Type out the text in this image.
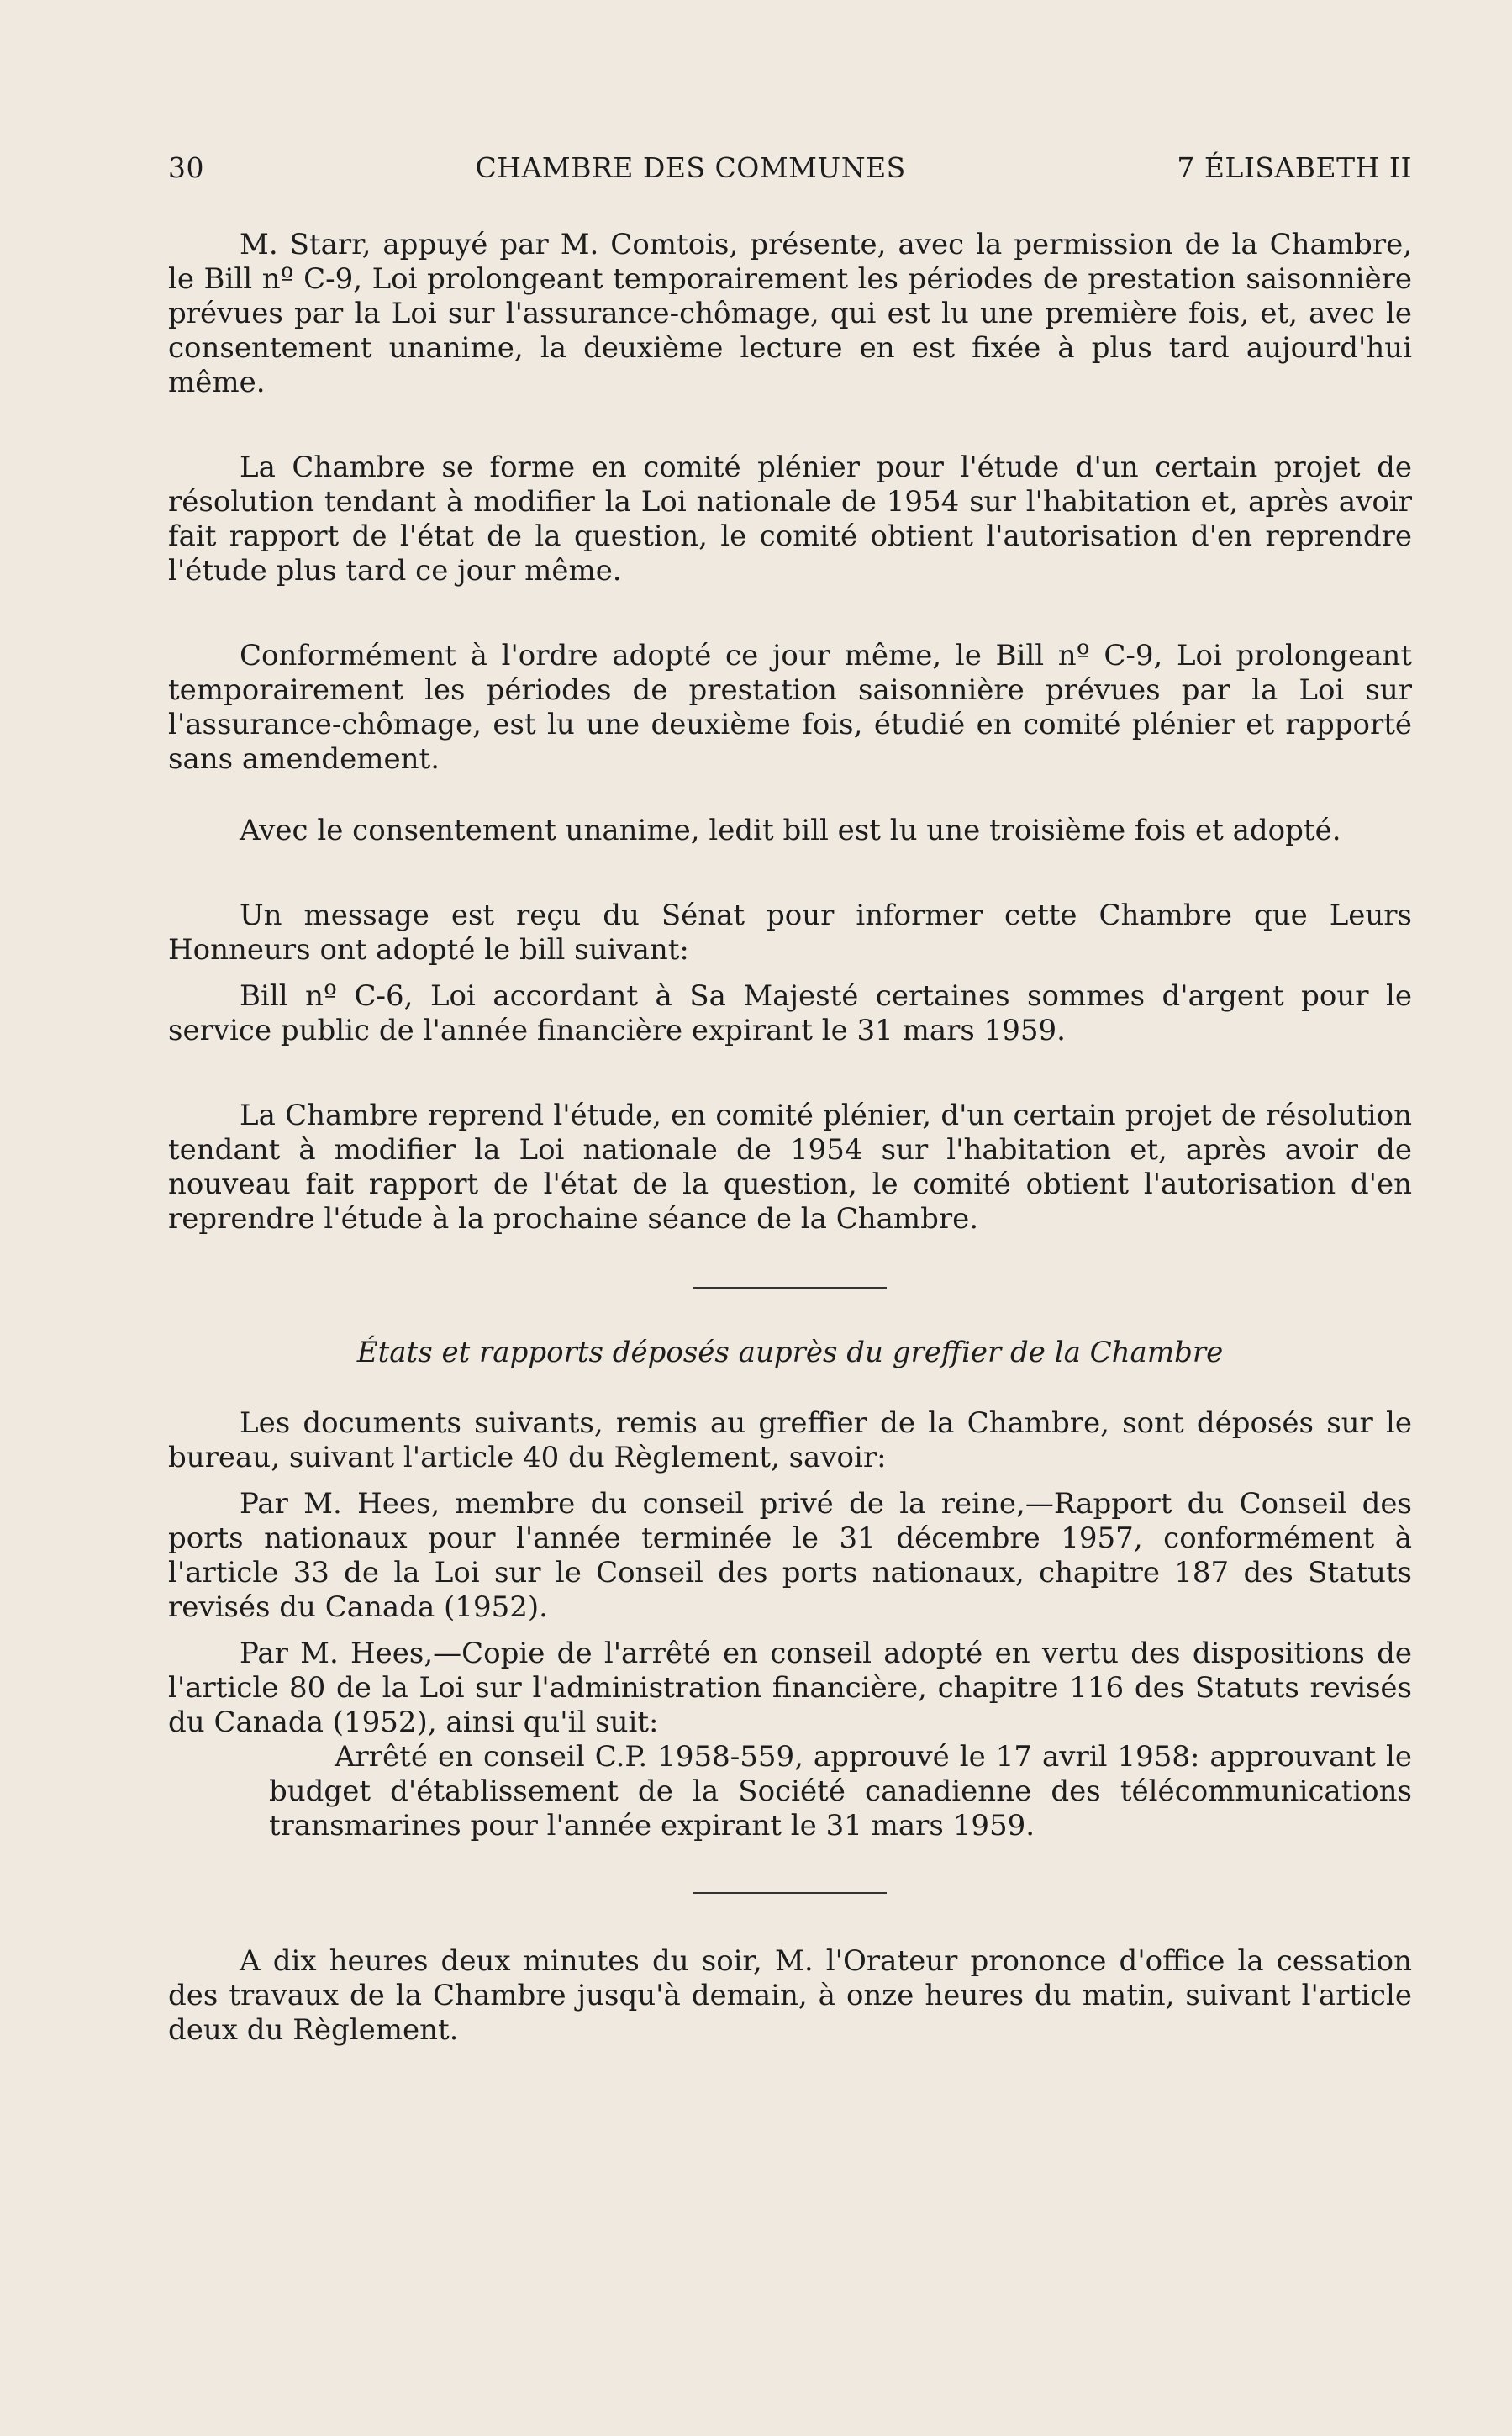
30	CHAMBRE DES COMMUNES	7 ÉLISABETH II

M. Starr, appuyé par M. Comtois, présente, avec la permission de la Chambre, le Bill nº C-9, Loi prolongeant temporairement les périodes de prestation saisonnière prévues par la Loi sur l'assurance-chômage, qui est lu une première fois, et, avec le consentement unanime, la deuxième lecture en est fixée à plus tard aujourd'hui même.

La Chambre se forme en comité plénier pour l'étude d'un certain projet de résolution tendant à modifier la Loi nationale de 1954 sur l'habitation et, après avoir fait rapport de l'état de la question, le comité obtient l'autorisation d'en reprendre l'étude plus tard ce jour même.

Conformément à l'ordre adopté ce jour même, le Bill nº C-9, Loi prolongeant temporairement les périodes de prestation saisonnière prévues par la Loi sur l'assurance-chômage, est lu une deuxième fois, étudié en comité plénier et rapporté sans amendement.

Avec le consentement unanime, ledit bill est lu une troisième fois et adopté.

Un message est reçu du Sénat pour informer cette Chambre que Leurs Honneurs ont adopté le bill suivant:

Bill nº C-6, Loi accordant à Sa Majesté certaines sommes d'argent pour le service public de l'année financière expirant le 31 mars 1959.

La Chambre reprend l'étude, en comité plénier, d'un certain projet de résolution tendant à modifier la Loi nationale de 1954 sur l'habitation et, après avoir de nouveau fait rapport de l'état de la question, le comité obtient l'autorisation d'en reprendre l'étude à la prochaine séance de la Chambre.

États et rapports déposés auprès du greffier de la Chambre

Les documents suivants, remis au greffier de la Chambre, sont déposés sur le bureau, suivant l'article 40 du Règlement, savoir:

Par M. Hees, membre du conseil privé de la reine,—Rapport du Conseil des ports nationaux pour l'année terminée le 31 décembre 1957, conformément à l'article 33 de la Loi sur le Conseil des ports nationaux, chapitre 187 des Statuts revisés du Canada (1952).

Par M. Hees,—Copie de l'arrêté en conseil adopté en vertu des dispositions de l'article 80 de la Loi sur l'administration financière, chapitre 116 des Statuts revisés du Canada (1952), ainsi qu'il suit:

Arrêté en conseil C.P. 1958-559, approuvé le 17 avril 1958: approuvant le budget d'établissement de la Société canadienne des télécommunications transmarines pour l'année expirant le 31 mars 1959.

A dix heures deux minutes du soir, M. l'Orateur prononce d'office la cessation des travaux de la Chambre jusqu'à demain, à onze heures du matin, suivant l'article deux du Règlement.
